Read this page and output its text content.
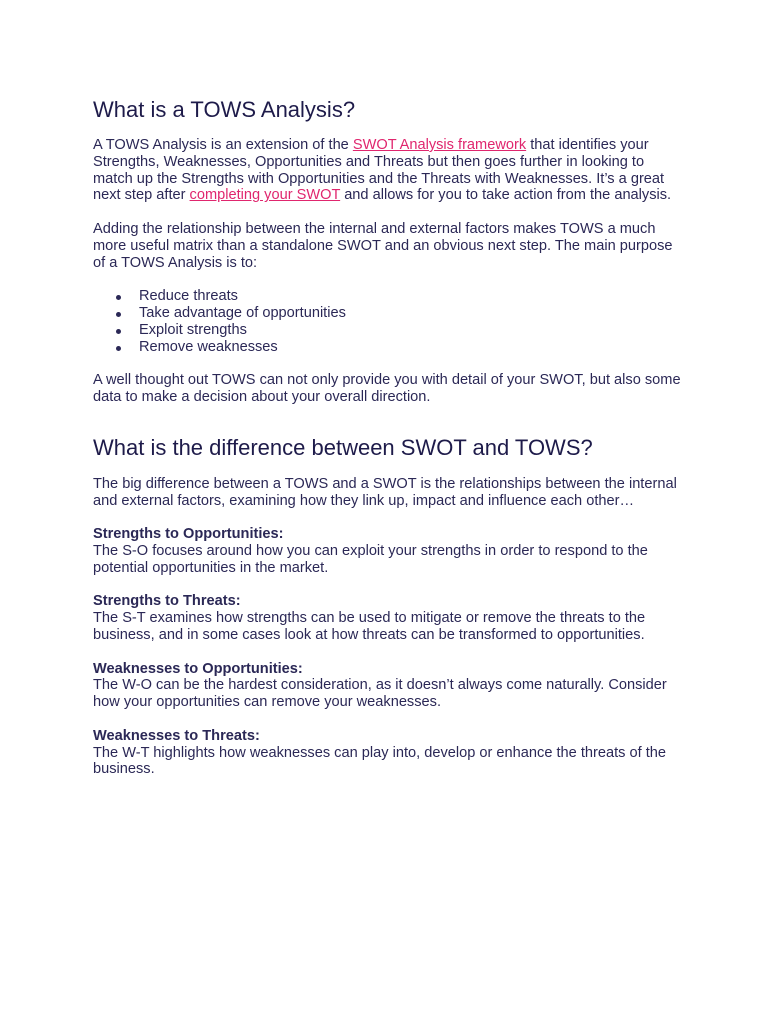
What is a TOWS Analysis?

A TOWS Analysis is an extension of the SWOT Analysis framework that identifies your Strengths, Weaknesses, Opportunities and Threats but then goes further in looking to match up the Strengths with Opportunities and the Threats with Weaknesses. It’s a great next step after completing your SWOT and allows for you to take action from the analysis.

Adding the relationship between the internal and external factors makes TOWS a much more useful matrix than a standalone SWOT and an obvious next step. The main purpose of a TOWS Analysis is to:

Reduce threats
Take advantage of opportunities
Exploit strengths
Remove weaknesses

A well thought out TOWS can not only provide you with detail of your SWOT, but also some data to make a decision about your overall direction.

What is the difference between SWOT and TOWS?

The big difference between a TOWS and a SWOT is the relationships between the internal and external factors, examining how they link up, impact and influence each other…

Strengths to Opportunities:
The S-O focuses around how you can exploit your strengths in order to respond to the potential opportunities in the market.

Strengths to Threats:
The S-T examines how strengths can be used to mitigate or remove the threats to the business, and in some cases look at how threats can be transformed to opportunities.

Weaknesses to Opportunities:
The W-O can be the hardest consideration, as it doesn’t always come naturally. Consider how your opportunities can remove your weaknesses.

Weaknesses to Threats:
The W-T highlights how weaknesses can play into, develop or enhance the threats of the business.
